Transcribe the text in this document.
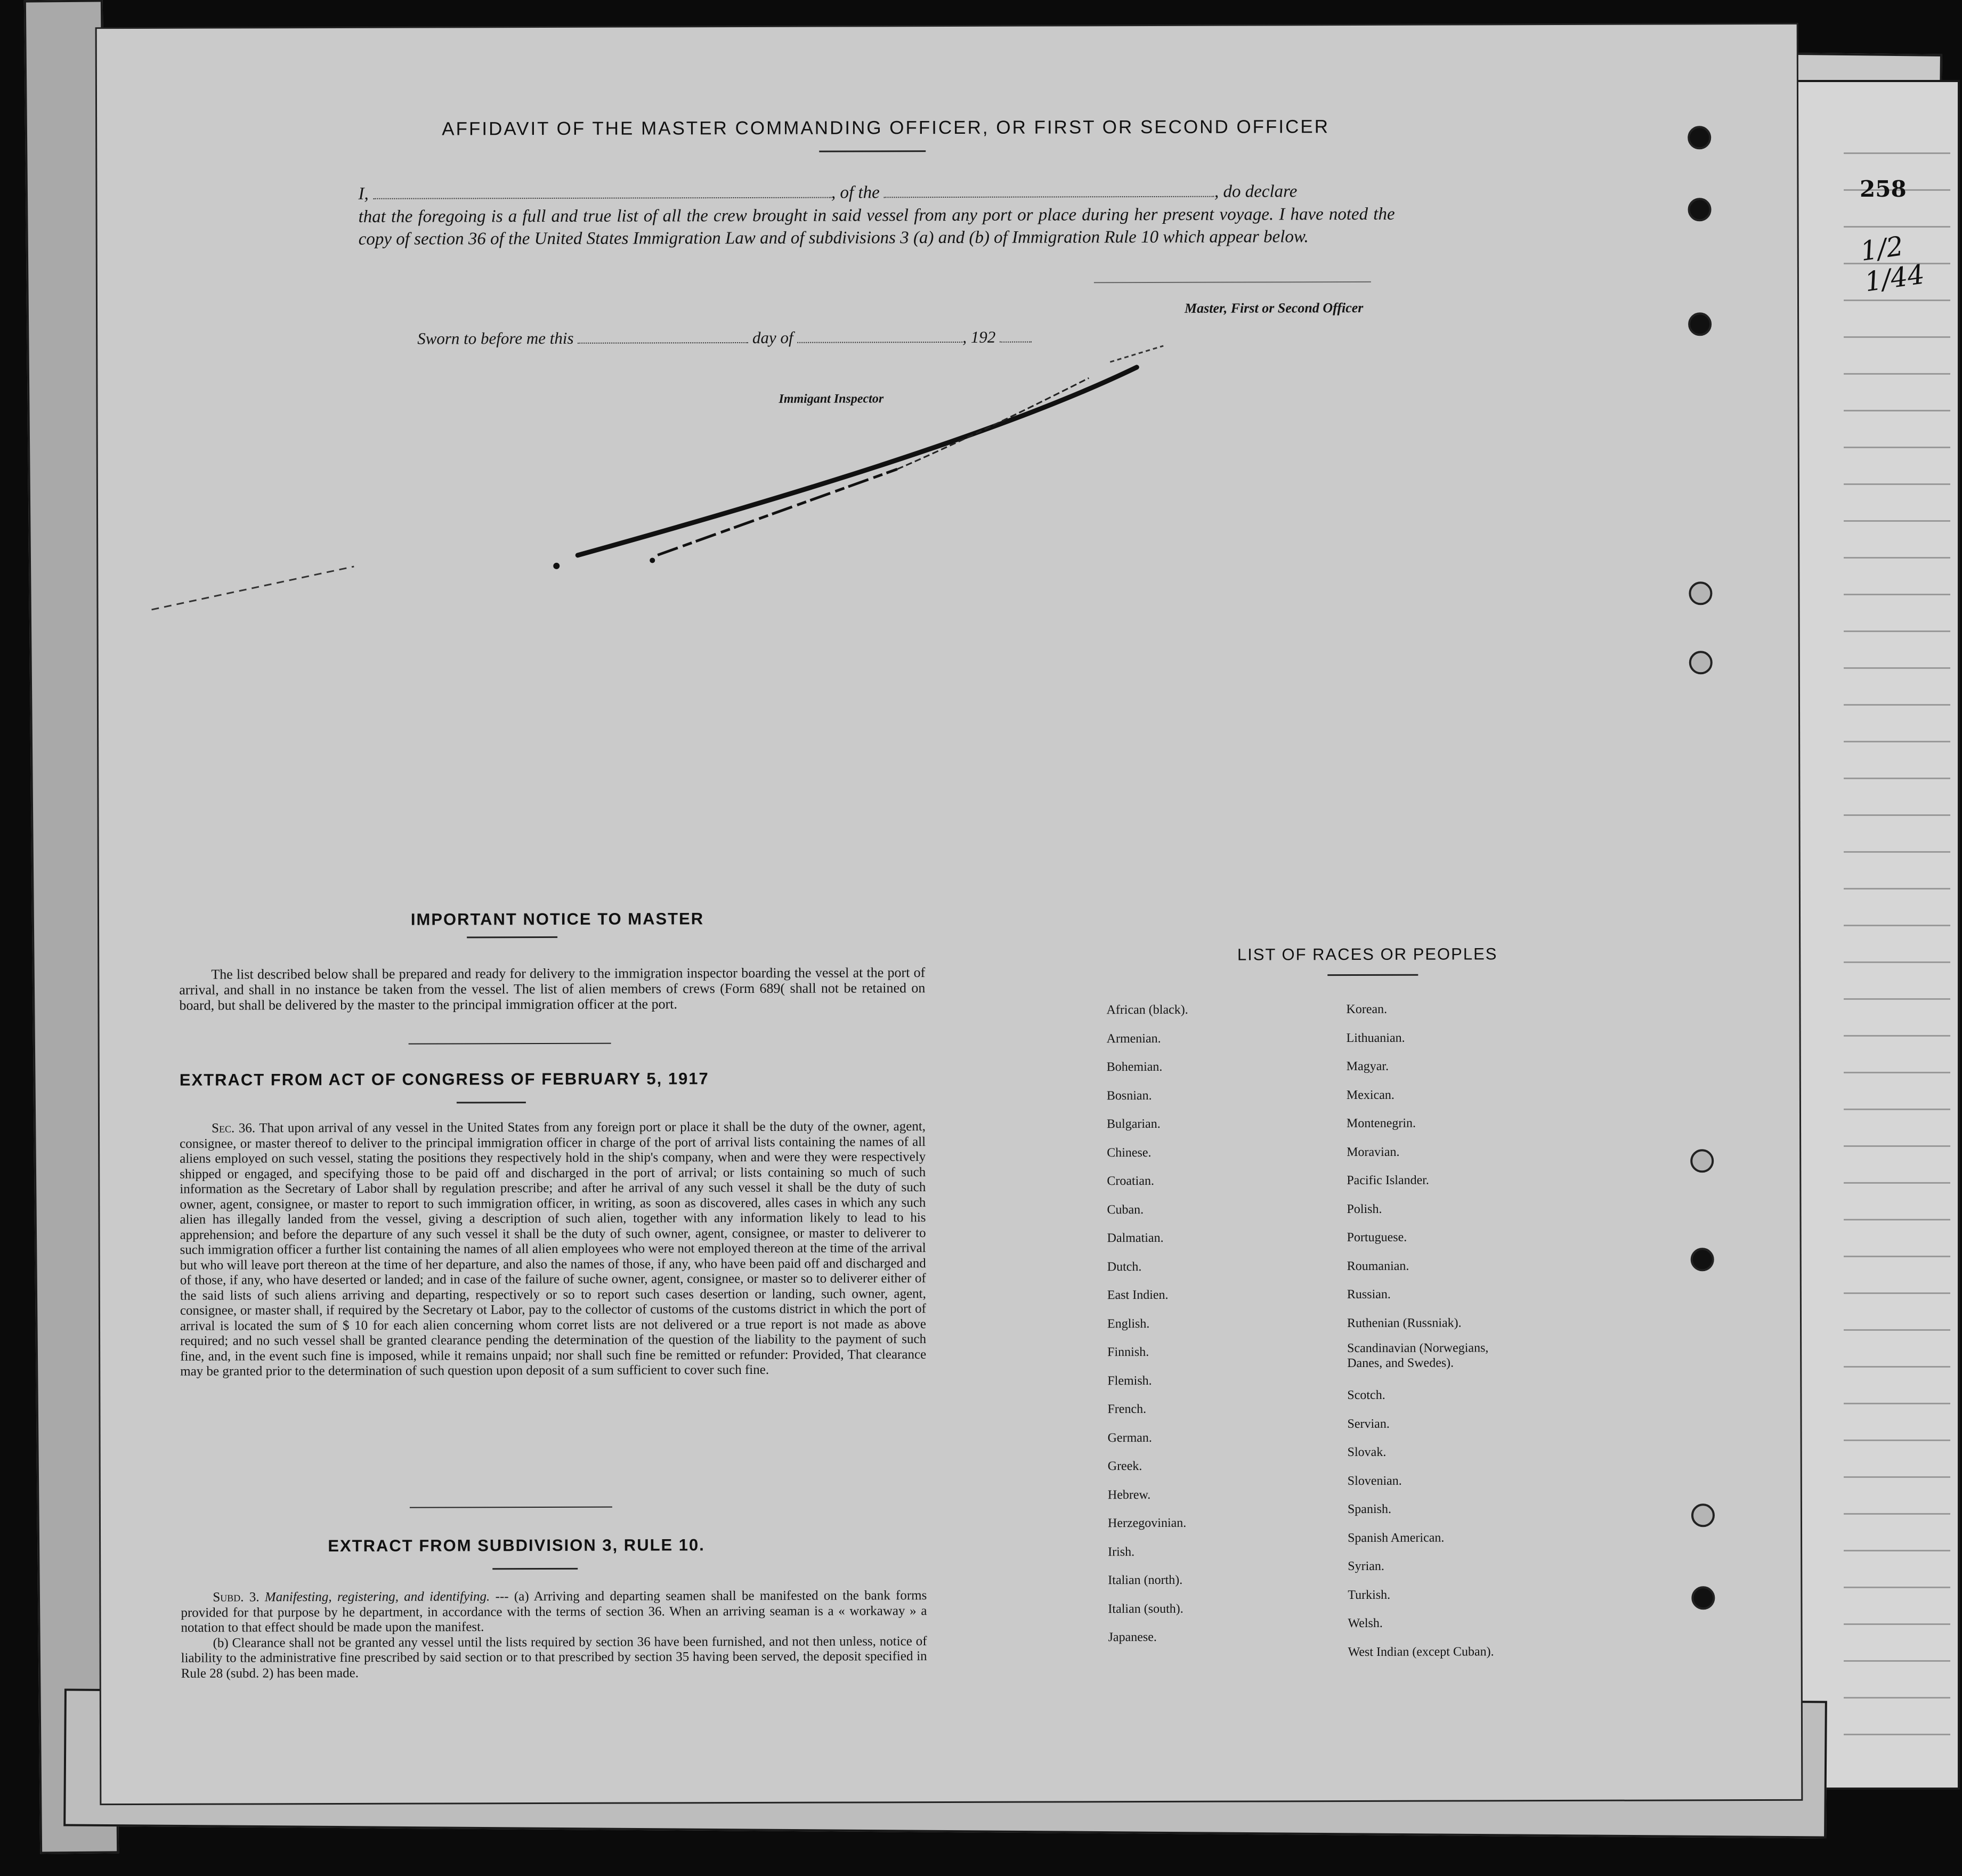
258
1/2 1/44
AFFIDAVIT OF THE MASTER COMMANDING OFFICER, OR FIRST OR SECOND OFFICER
I,	, of the	, do declare
that the foregoing is a full and true list of all the crew brought in said vessel from any port or place during her present voyage. I have noted the copy of section 36 of the United States Immigration Law and of subdivisions 3 (a) and (b) of Immigration Rule 10 which appear below.
Master, First or Second Officer
Sworn to before me this	day of	, 192
Immigant Inspector
IMPORTANT NOTICE TO MASTER
The list described below shall be prepared and ready for delivery to the immigration inspector boarding the vessel at the port of arrival, and shall in no instance be taken from the vessel. The list of alien members of crews (Form 689( shall not be retained on board, but shall be delivered by the master to the principal immigration officer at the port.
EXTRACT FROM ACT OF CONGRESS OF FEBRUARY 5, 1917
Sec. 36. That upon arrival of any vessel in the United States from any foreign port or place it shall be the duty of the owner, agent, consignee, or master thereof to deliver to the principal immigration officer in charge of the port of arrival lists containing the names of all aliens employed on such vessel, stating the positions they respectively hold in the ship's company, when and were they were respectively shipped or engaged, and specifying those to be paid off and discharged in the port of arrival; or lists containing so much of such information as the Secretary of Labor shall by regulation prescribe; and after he arrival of any such vessel it shall be the duty of such owner, agent, consignee, or master to report to such immigration officer, in writing, as soon as discovered, alles cases in which any such alien has illegally landed from the vessel, giving a description of such alien, together with any information likely to lead to his apprehension; and before the departure of any such vessel it shall be the duty of such owner, agent, consignee, or master to deliverer to such immigration officer a further list containing the names of all alien employees who were not employed thereon at the time of the arrival but who will leave port thereon at the time of her departure, and also the names of those, if any, who have been paid off and discharged and of those, if any, who have deserted or landed; and in case of the failure of suche owner, agent, consignee, or master so to deliverer either of the said lists of such aliens arriving and departing, respectively or so to report such cases desertion or landing, such owner, agent, consignee, or master shall, if required by the Secretary ot Labor, pay to the collector of customs of the customs district in which the port of arrival is located the sum of $ 10 for each alien concerning whom corret lists are not delivered or a true report is not made as above required; and no such vessel shall be granted clearance pending the determination of the question of the liability to the payment of such fine, and, in the event such fine is imposed, while it remains unpaid; nor shall such fine be remitted or refunder: Provided, That clearance may be granted prior to the determination of such question upon deposit of a sum sufficient to cover such fine.
EXTRACT FROM SUBDIVISION 3, RULE 10.

Subd. 3. Manifesting, registering, and identifying. --- (a) Arriving and departing seamen shall be manifested on the bank forms provided for that purpose by he department, in accordance with the terms of section 36. When an arriving seaman is a « workaway » a notation to that effect should be made upon the manifest.

(b) Clearance shall not be granted any vessel until the lists required by section 36 have been furnished, and not then unless, notice of liability to the administrative fine prescribed by said section or to that prescribed by section 35 having been served, the deposit specified in Rule 28 (subd. 2) has been made.

LIST OF RACES OR PEOPLES
African (black).
Armenian.
Bohemian.
Bosnian.
Bulgarian.
Chinese.
Croatian.
Cuban.
Dalmatian.
Dutch.
East Indien.
English.
Finnish.
Flemish.
French.
German.
Greek.
Hebrew.
Herzegovinian.
Irish.
Italian (north).
Italian (south).
Japanese.
Korean.
Lithuanian.
Magyar.
Mexican.
Montenegrin.
Moravian.
Pacific Islander.
Polish.
Portuguese.
Roumanian.
Russian.
Ruthenian (Russniak).
Scandinavian (Norwegians, Danes, and Swedes).
Scotch.
Servian.
Slovak.
Slovenian.
Spanish.
Spanish American.
Syrian.
Turkish.
Welsh.
West Indian (except Cuban).
